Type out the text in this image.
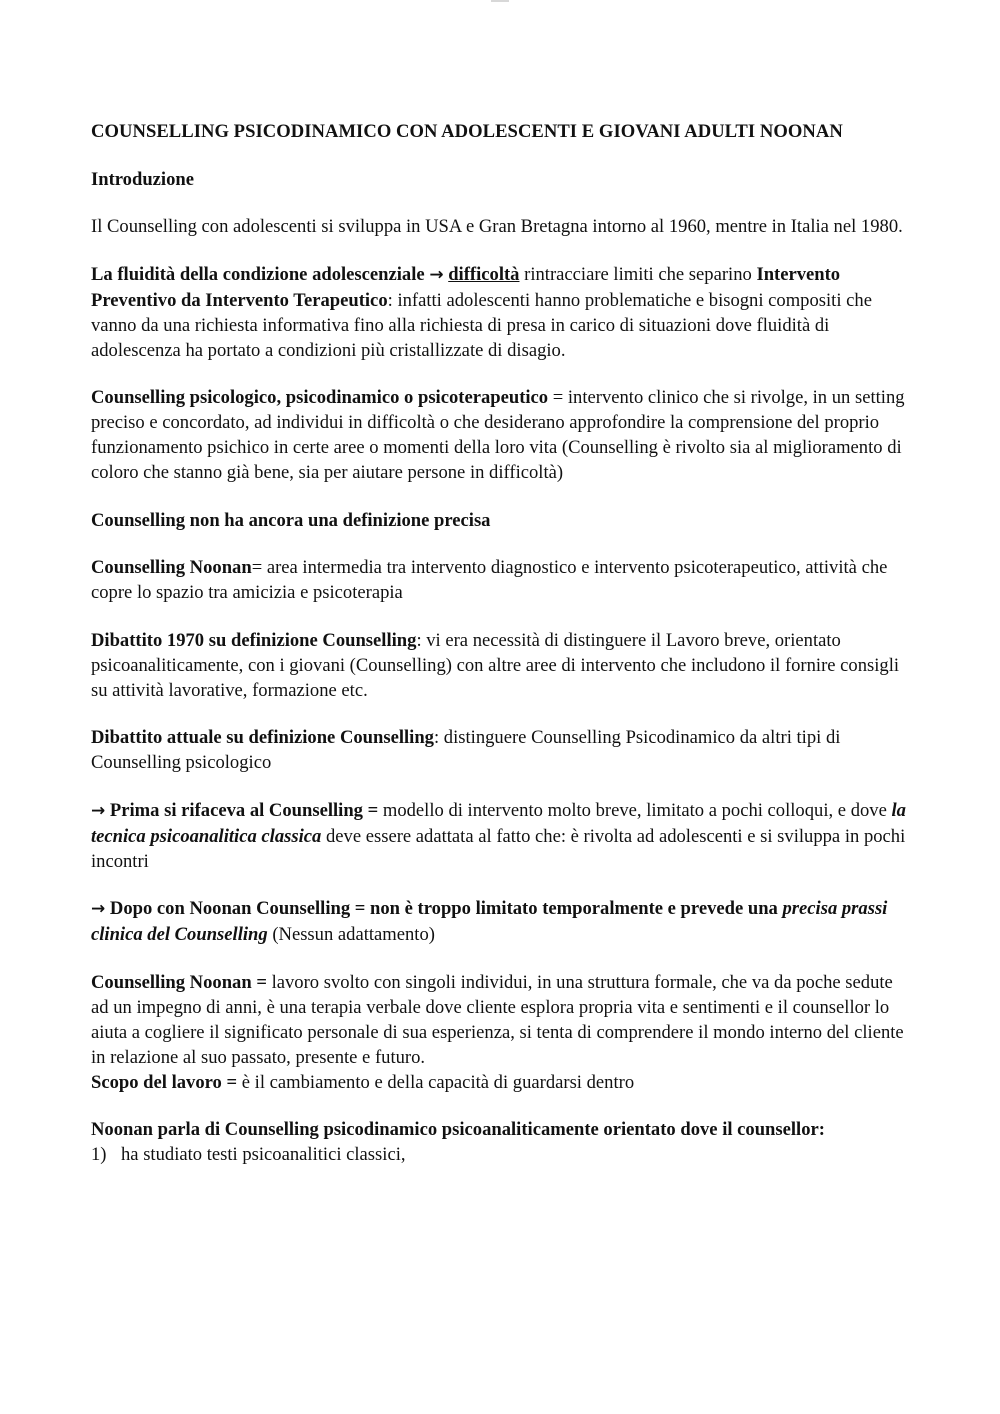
COUNSELLING PSICODINAMICO CON ADOLESCENTI E GIOVANI ADULTI NOONAN

Introduzione

Il Counselling con adolescenti si sviluppa in USA e Gran Bretagna intorno al 1960, mentre in Italia nel 1980.

La fluidità della condizione adolescenziale → difficoltà rintracciare limiti che separino Intervento Preventivo da Intervento Terapeutico: infatti adolescenti hanno problematiche e bisogni compositi che vanno da una richiesta informativa fino alla richiesta di presa in carico di situazioni dove fluidità di adolescenza ha portato a condizioni più cristallizzate di disagio.

Counselling psicologico, psicodinamico o psicoterapeutico = intervento clinico che si rivolge, in un setting preciso e concordato, ad individui in difficoltà o che desiderano approfondire la comprensione del proprio funzionamento psichico in certe aree o momenti della loro vita (Counselling è rivolto sia al miglioramento di coloro che stanno già bene, sia per aiutare persone in difficoltà)

Counselling non ha ancora una definizione precisa

Counselling Noonan= area intermedia tra intervento diagnostico e intervento psicoterapeutico, attività che copre lo spazio tra amicizia e psicoterapia

Dibattito 1970 su definizione Counselling: vi era necessità di distinguere il Lavoro breve, orientato psicoanaliticamente, con i giovani (Counselling) con altre aree di intervento che includono il fornire consigli su attività lavorative, formazione etc.

Dibattito attuale su definizione Counselling: distinguere Counselling Psicodinamico da altri tipi di Counselling psicologico

→ Prima si rifaceva al Counselling = modello di intervento molto breve, limitato a pochi colloqui, e dove la tecnica psicoanalitica classica deve essere adattata al fatto che: è rivolta ad adolescenti e si sviluppa in pochi incontri

→ Dopo con Noonan Counselling = non è troppo limitato temporalmente e prevede una precisa prassi clinica del Counselling (Nessun adattamento)

Counselling Noonan = lavoro svolto con singoli individui, in una struttura formale, che va da poche sedute ad un impegno di anni, è una terapia verbale dove cliente esplora propria vita e sentimenti e il counsellor lo aiuta a cogliere il significato personale di sua esperienza, si tenta di comprendere il mondo interno del cliente in relazione al suo passato, presente e futuro.

Scopo del lavoro = è il cambiamento e della capacità di guardarsi dentro

Noonan parla di Counselling psicodinamico psicoanaliticamente orientato dove il counsellor:

1) ha studiato testi psicoanalitici classici,
